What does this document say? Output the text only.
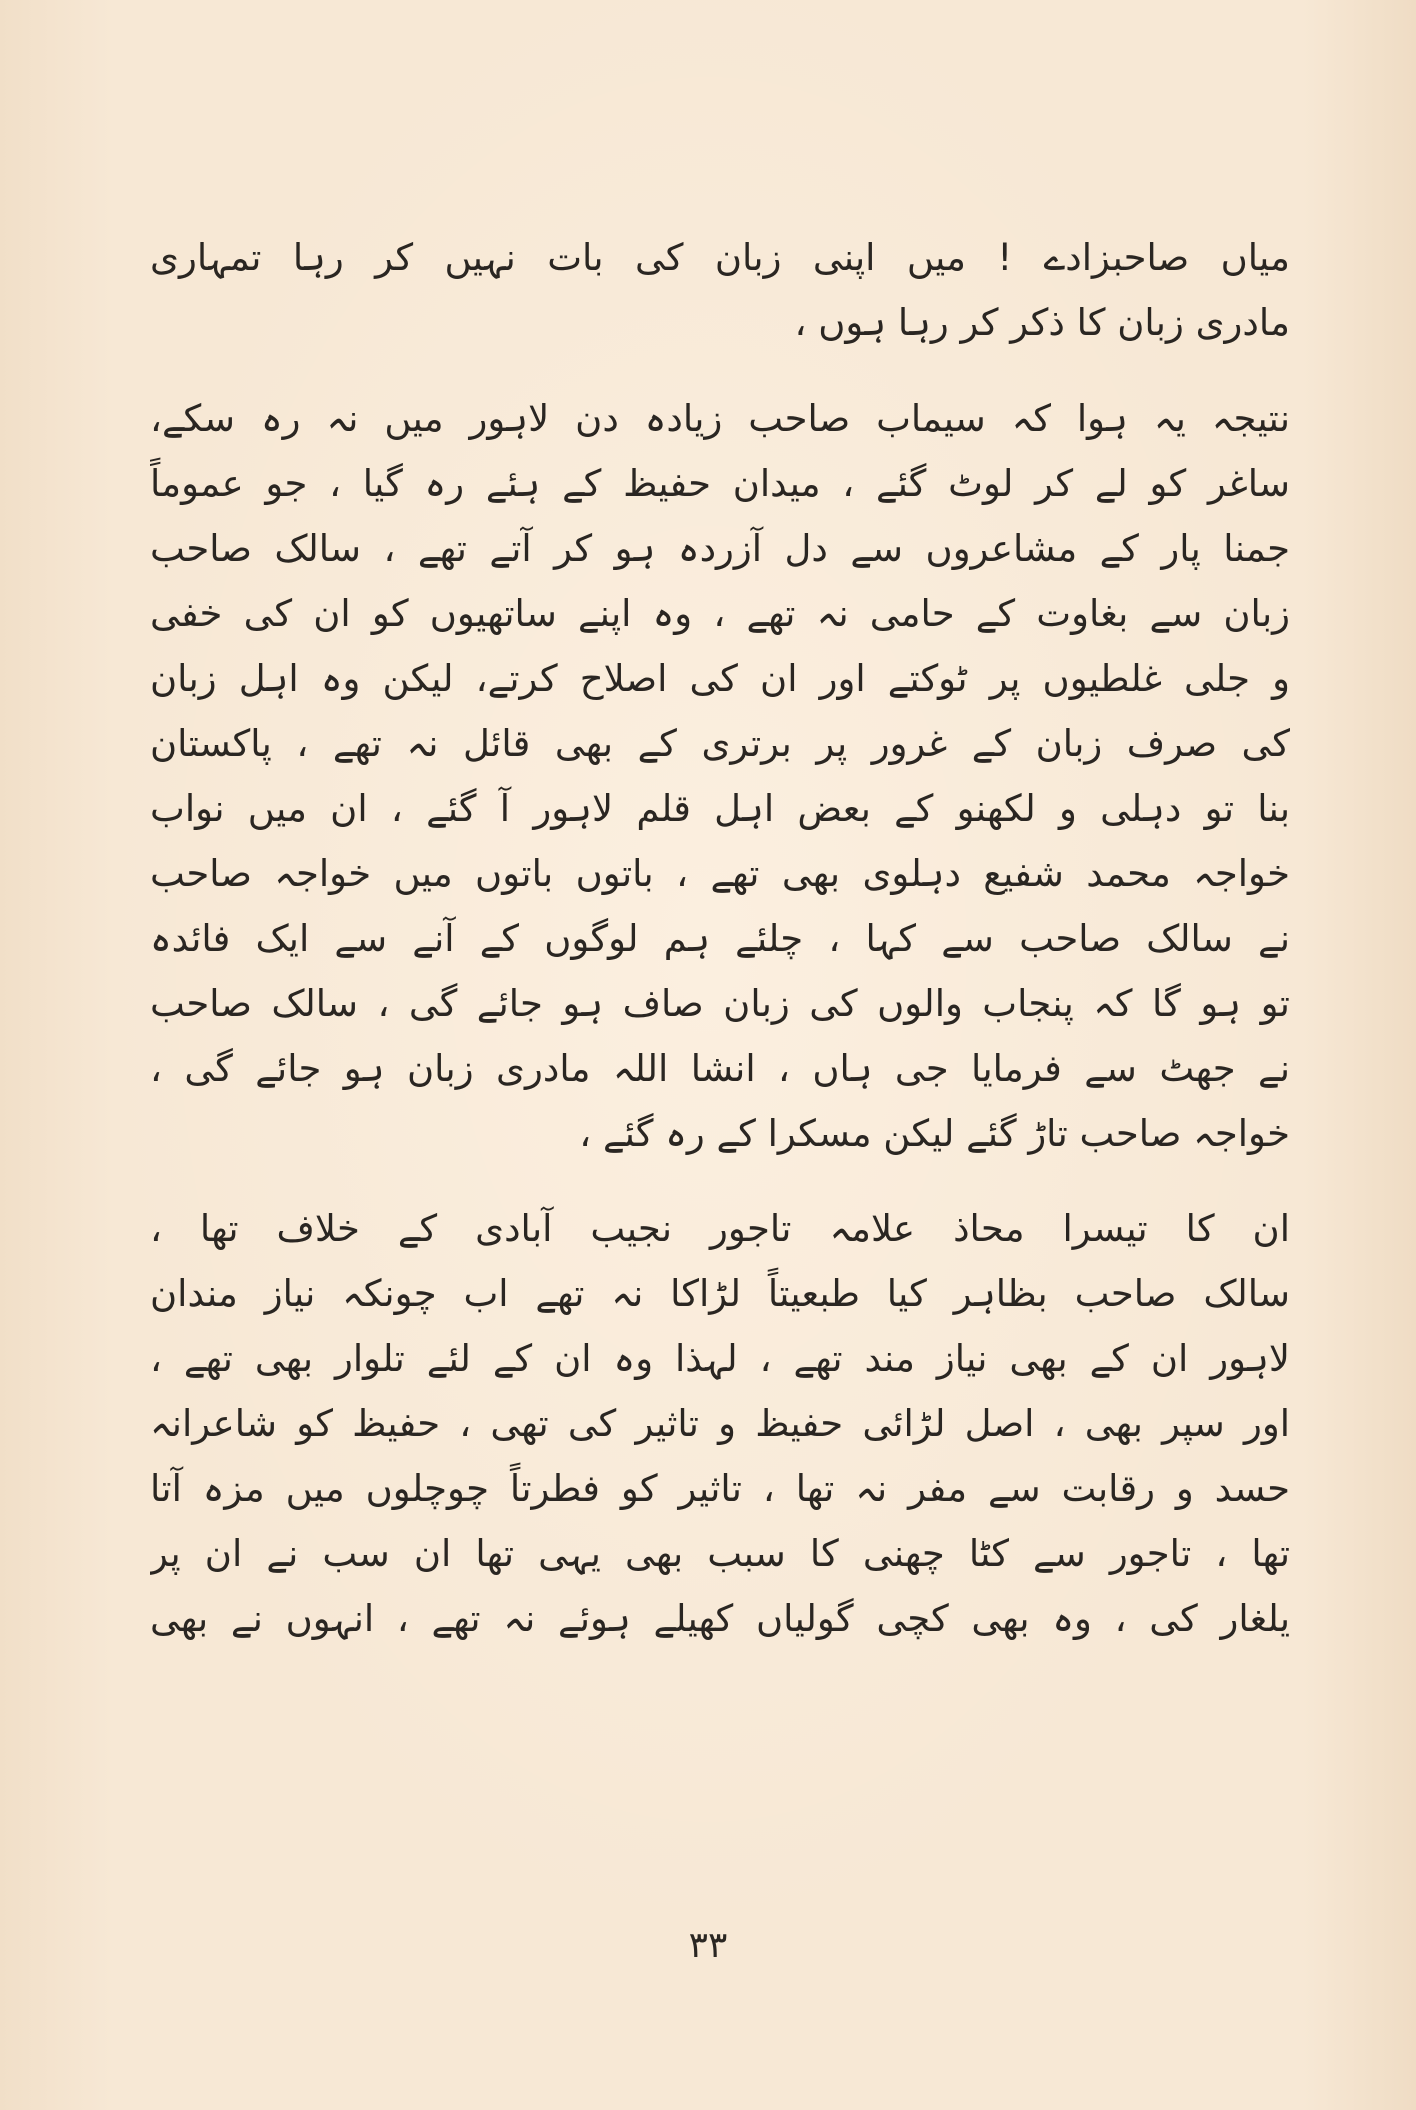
میاں صاحبزادے ! میں اپنی زبان کی بات نہیں کر رہا تمہاری
مادری زبان کا ذکر کر رہا ہوں ،
نتیجہ یہ ہوا کہ سیماب صاحب زیادہ دن لاہور میں نہ رہ سکے،
ساغر کو لے کر لوٹ گئے ، میدان حفیظ کے ہئے رہ گیا ، جو عموماً
جمنا پار کے مشاعروں سے دل آزردہ ہو کر آتے تھے ، سالک صاحب
زبان سے بغاوت کے حامی نہ تھے ، وہ اپنے ساتھیوں کو ان کی خفی
و جلی غلطیوں پر ٹوکتے اور ان کی اصلاح کرتے، لیکن وہ اہل زبان
کی صرف زبان کے غرور پر برتری کے بھی قائل نہ تھے ، پاکستان
بنا تو دہلی و لکھنو کے بعض اہل قلم لاہور آ گئے ، ان میں نواب
خواجہ محمد شفیع دہلوی بھی تھے ، باتوں باتوں میں خواجہ صاحب
نے سالک صاحب سے کہا ، چلئے ہم لوگوں کے آنے سے ایک فائدہ
تو ہو گا کہ پنجاب والوں کی زبان صاف ہو جائے گی ، سالک صاحب
نے جھٹ سے فرمایا جی ہاں ، انشا اللہ مادری زبان ہو جائے گی ،
خواجہ صاحب تاڑ گئے لیکن مسکرا کے رہ گئے ،
ان کا تیسرا محاذ علامہ تاجور نجیب آبادی کے خلاف تھا ،
سالک صاحب بظاہر کیا طبعیتاً لڑاکا نہ تھے اب چونکہ نیاز مندان
لاہور ان کے بھی نیاز مند تھے ، لہذا وہ ان کے لئے تلوار بھی تھے ،
اور سپر بھی ، اصل لڑائی حفیظ و تاثیر کی تھی ، حفیظ کو شاعرانہ
حسد و رقابت سے مفر نہ تھا ، تاثیر کو فطرتاً چوچلوں میں مزہ آتا
تھا ، تاجور سے کٹا چھنی کا سبب بھی یہی تھا ان سب نے ان پر
یلغار کی ، وہ بھی کچی گولیاں کھیلے ہوئے نہ تھے ، انہوں نے بھی
۳۳
